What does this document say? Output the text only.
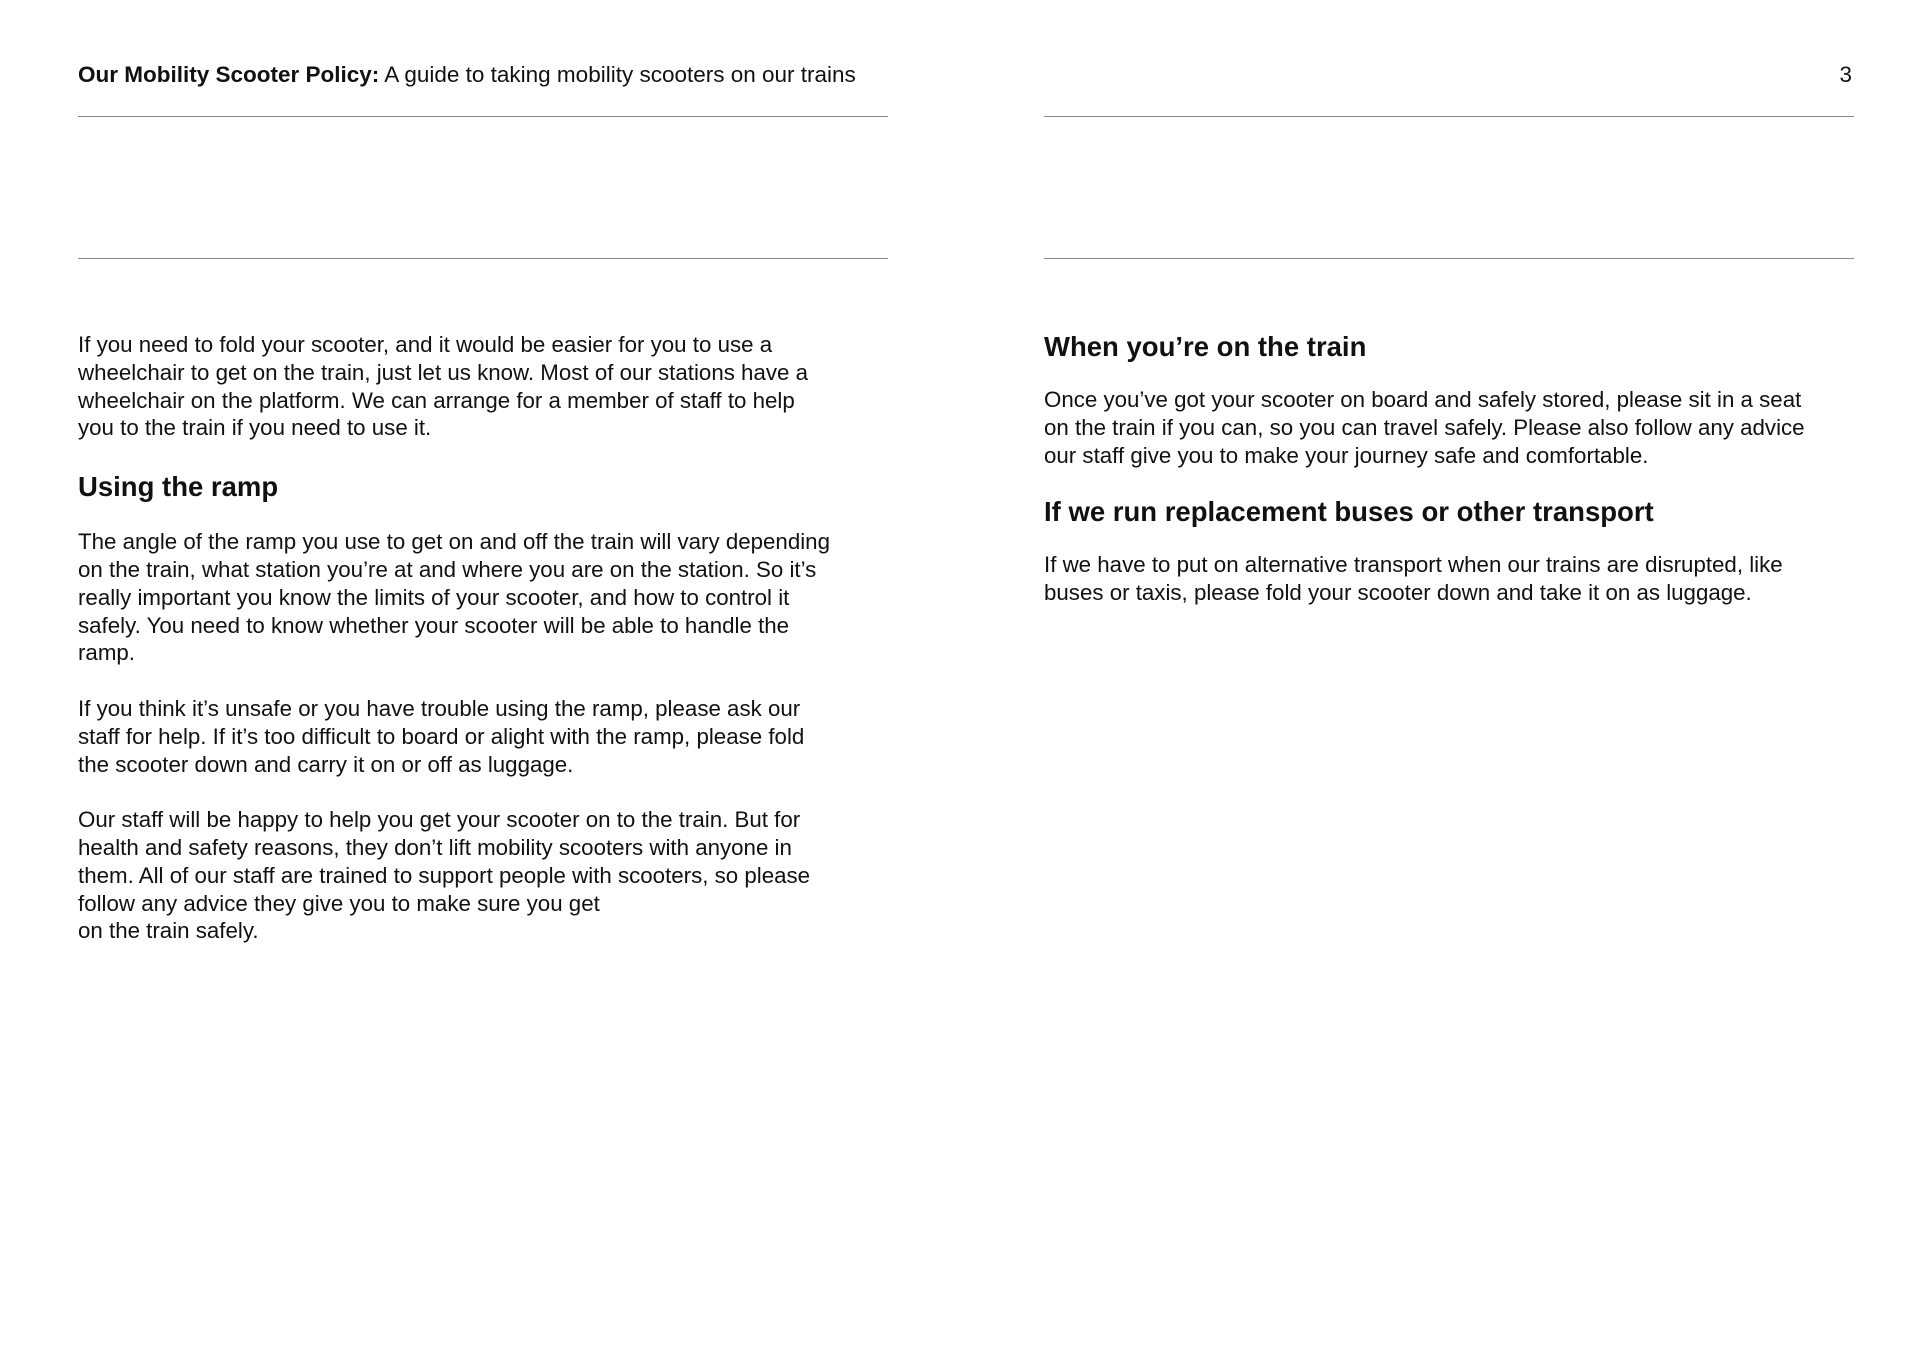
Our Mobility Scooter Policy: A guide to taking mobility scooters on our trains	3

If you need to fold your scooter, and it would be easier for you to use a
wheelchair to get on the train, just let us know. Most of our stations have a
wheelchair on the platform. We can arrange for a member of staff to help
you to the train if you need to use it.

Using the ramp

The angle of the ramp you use to get on and off the train will vary depending
on the train, what station you’re at and where you are on the station. So it’s
really important you know the limits of your scooter, and how to control it
safely. You need to know whether your scooter will be able to handle the
ramp.

If you think it’s unsafe or you have trouble using the ramp, please ask our
staff for help. If it’s too difficult to board or alight with the ramp, please fold
the scooter down and carry it on or off as luggage.

Our staff will be happy to help you get your scooter on to the train. But for
health and safety reasons, they don’t lift mobility scooters with anyone in
them. All of our staff are trained to support people with scooters, so please
follow any advice they give you to make sure you get
on the train safely.

When you’re on the train

Once you’ve got your scooter on board and safely stored, please sit in a seat
on the train if you can, so you can travel safely. Please also follow any advice
our staff give you to make your journey safe and comfortable.

If we run replacement buses or other transport

If we have to put on alternative transport when our trains are disrupted, like
buses or taxis, please fold your scooter down and take it on as luggage.
